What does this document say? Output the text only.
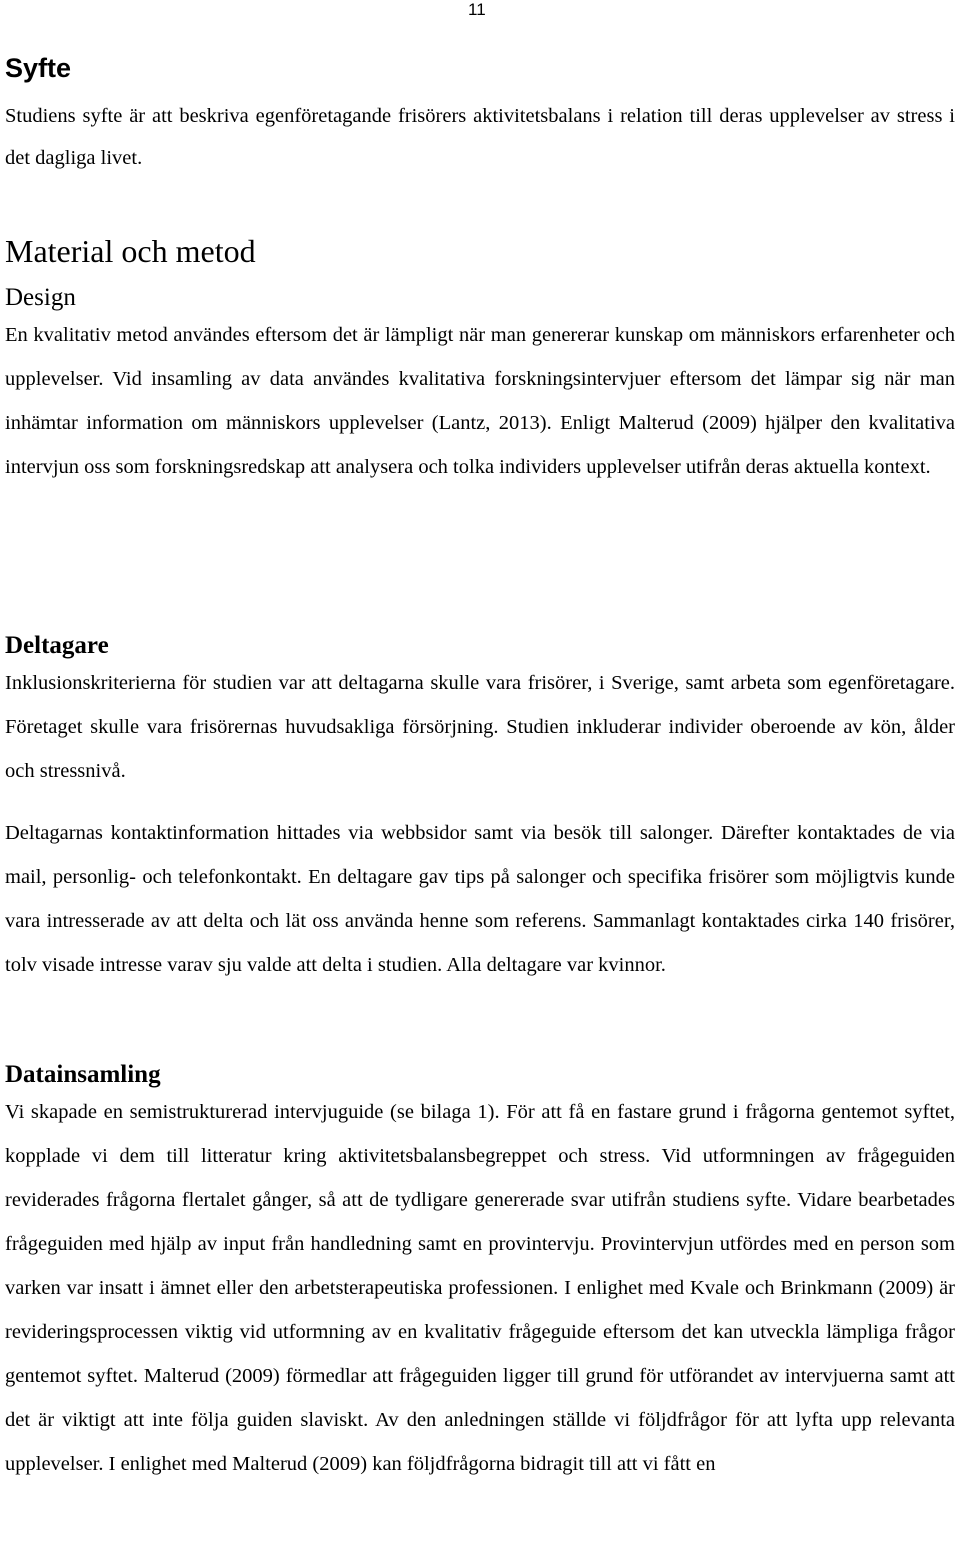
11
Syfte

Studiens syfte är att beskriva egenföretagande frisörers aktivitetsbalans i relation till deras upplevelser av stress i det dagliga livet.

Material och metod
Design

En kvalitativ metod användes eftersom det är lämpligt när man genererar kunskap om människors erfarenheter och upplevelser. Vid insamling av data användes kvalitativa forskningsintervjuer eftersom det lämpar sig när man inhämtar information om människors upplevelser (Lantz, 2013). Enligt Malterud (2009) hjälper den kvalitativa intervjun oss som forskningsredskap att analysera och tolka individers upplevelser utifrån deras aktuella kontext.

Deltagare

Inklusionskriterierna för studien var att deltagarna skulle vara frisörer, i Sverige, samt arbeta som egenföretagare. Företaget skulle vara frisörernas huvudsakliga försörjning. Studien inkluderar individer oberoende av kön, ålder och stressnivå.

Deltagarnas kontaktinformation hittades via webbsidor samt via besök till salonger. Därefter kontaktades de via mail, personlig- och telefonkontakt. En deltagare gav tips på salonger och specifika frisörer som möjligtvis kunde vara intresserade av att delta och lät oss använda henne som referens. Sammanlagt kontaktades cirka 140 frisörer, tolv visade intresse varav sju valde att delta i studien. Alla deltagare var kvinnor.

Datainsamling

Vi skapade en semistrukturerad intervjuguide (se bilaga 1). För att få en fastare grund i frågorna gentemot syftet, kopplade vi dem till litteratur kring aktivitetsbalansbegreppet och stress. Vid utformningen av frågeguiden reviderades frågorna flertalet gånger, så att de tydligare genererade svar utifrån studiens syfte. Vidare bearbetades frågeguiden med hjälp av input från handledning samt en provintervju. Provintervjun utfördes med en person som varken var insatt i ämnet eller den arbetsterapeutiska professionen. I enlighet med Kvale och Brinkmann (2009) är revideringsprocessen viktig vid utformning av en kvalitativ frågeguide eftersom det kan utveckla lämpliga frågor gentemot syftet. Malterud (2009) förmedlar att frågeguiden ligger till grund för utförandet av intervjuerna samt att det är viktigt att inte följa guiden slaviskt. Av den anledningen ställde vi följdfrågor för att lyfta upp relevanta upplevelser. I enlighet med Malterud (2009) kan följdfrågorna bidragit till att vi fått en
